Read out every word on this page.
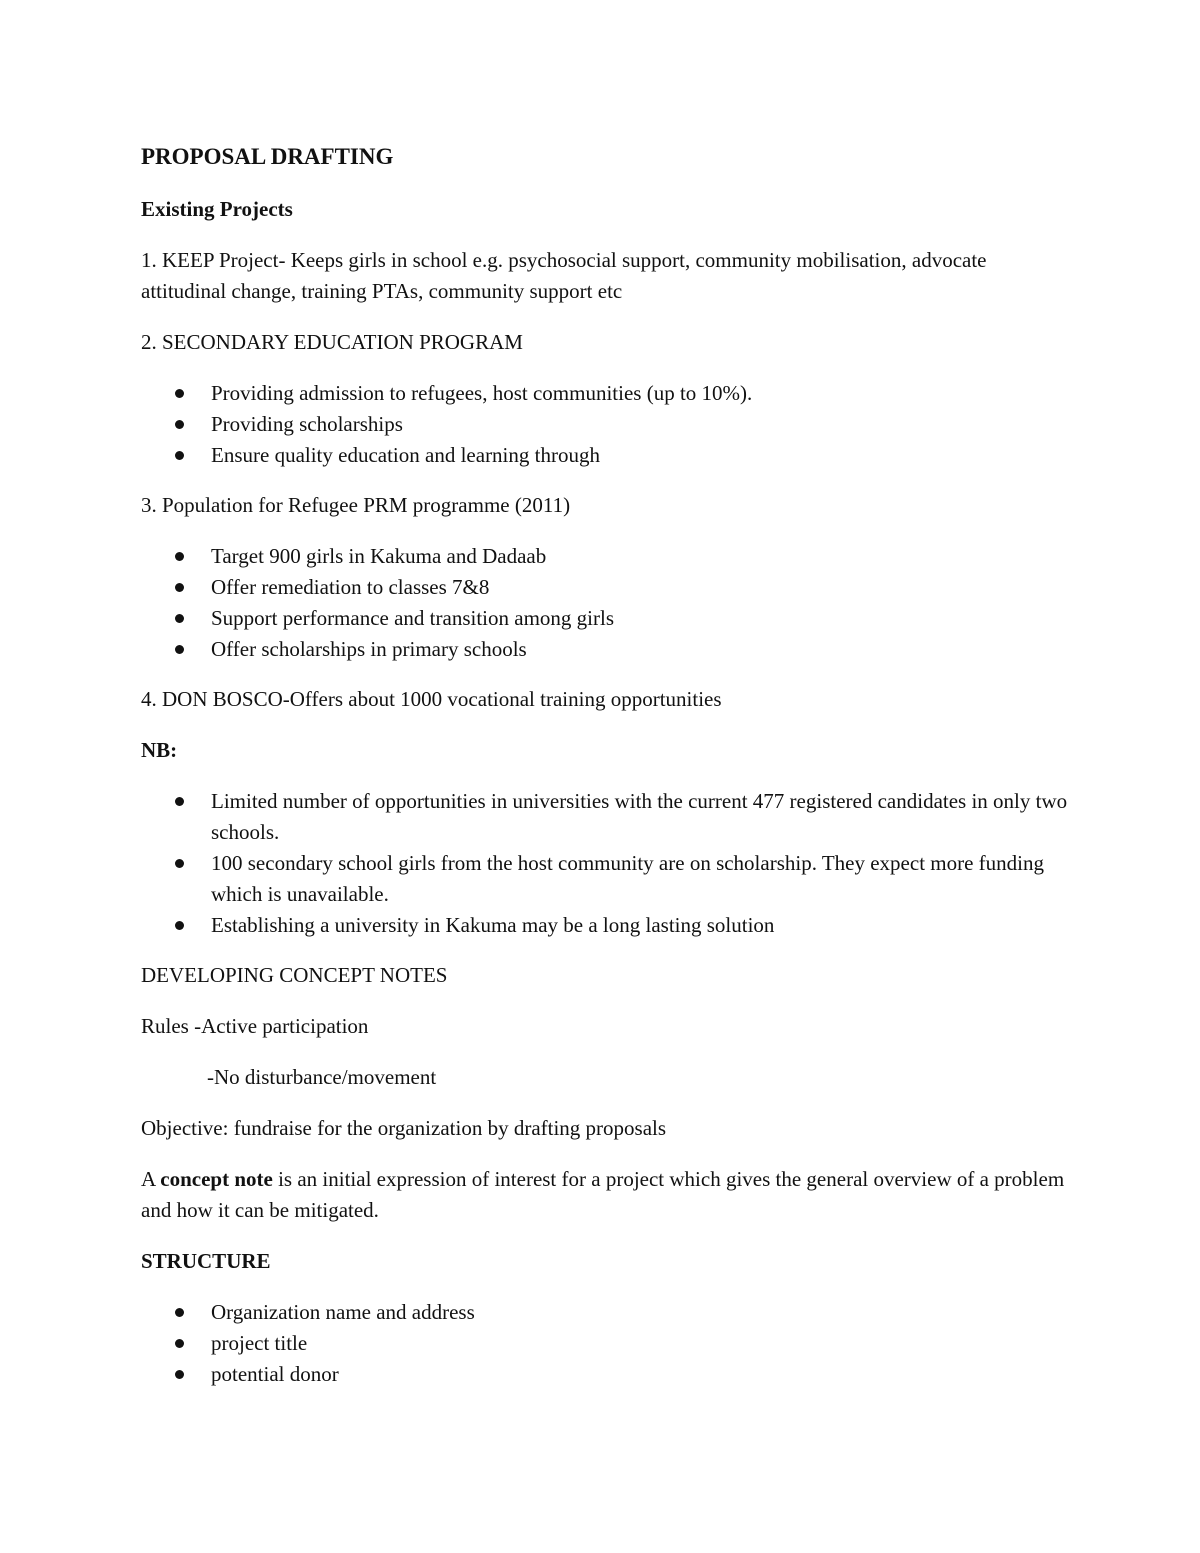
PROPOSAL DRAFTING
Existing Projects

1. KEEP Project- Keeps girls in school e.g. psychosocial support, community mobilisation, advocate attitudinal change, training PTAs, community support etc

2. SECONDARY EDUCATION PROGRAM

Providing admission to refugees, host communities (up to 10%).
Providing scholarships
Ensure quality education and learning through

3. Population for Refugee PRM programme (2011)

Target 900 girls in Kakuma and Dadaab
Offer remediation to classes 7&8
Support performance and transition among girls
Offer scholarships in primary schools

4. DON BOSCO-Offers about 1000 vocational training opportunities

NB:
Limited number of opportunities in universities with the current 477 registered candidates in only two schools.
100 secondary school girls from the host community are on scholarship. They expect more funding which is unavailable.
Establishing a university in Kakuma may be a long lasting solution

DEVELOPING CONCEPT NOTES

Rules -Active participation

-No disturbance/movement

Objective: fundraise for the organization by drafting proposals

A concept note is an initial expression of interest for a project which gives the general overview of a problem and how it can be mitigated.

STRUCTURE
Organization name and address
project title
potential donor
